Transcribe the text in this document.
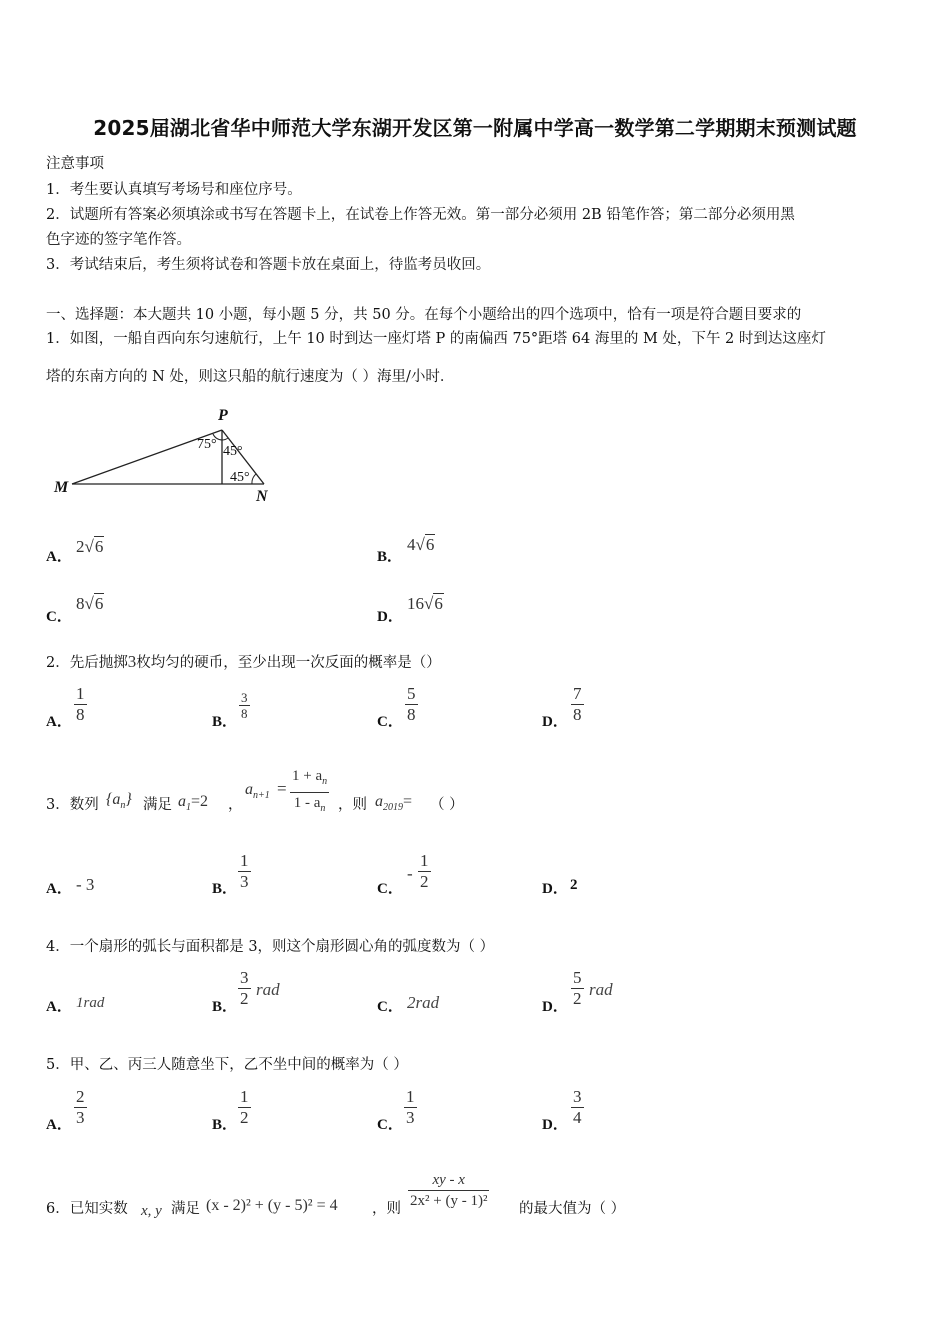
2025届湖北省华中师范大学东湖开发区第一附属中学高一数学第二学期期末预测试题
注意事项
1．考生要认真填写考场号和座位序号。
2．试题所有答案必须填涂或书写在答题卡上，在试卷上作答无效。第一部分必须用 2B 铅笔作答；第二部分必须用黑
色字迹的签字笔作答。
3．考试结束后，考生须将试卷和答题卡放在桌面上，待监考员收回。
一、选择题：本大题共 10 小题，每小题 5 分，共 50 分。在每个小题给出的四个选项中，恰有一项是符合题目要求的
1．如图，一船自西向东匀速航行，上午 10 时到达一座灯塔 P 的南偏西 75°距塔 64 海里的 M 处，下午 2 时到达这座灯
塔的东南方向的 N 处，则这只船的航行速度为（ ）海里/小时．
P
M
N
75° 45°
45°
A．
2√6
B．
4√6
C．
8√6
D．
16√6
2．先后抛掷3枚均匀的硬币，至少出现一次反面的概率是（）
A． $\frac{1}{8}$	B．
$\frac{3}{8}$
C． $\frac{5}{8}$	D． $\frac{7}{8}$
3．数列 $\{a_n\}$ 满足 $a_1=2$ ，
$a_{n+1} = \frac{1 + a_n}{1 - a_n}$ ，则 $a_{2019}=$ （ ）
A． - 3	B． $\frac{1}{3}$	C．
- $\frac{1}{2}$	D． 2
4．一个扇形的弧长与面积都是 3，则这个扇形圆心角的弧度数为（ ）
A． 1rad	B． $\frac{3}{2}$ rad
C． 2rad	D． $\frac{5}{2}$ rad
5．甲、乙、丙三人随意坐下，乙不坐中间的概率为（ ）
A． $\frac{2}{3}$	B． $\frac{1}{2}$	C． $\frac{1}{3}$	D． $\frac{3}{4}$
6．已知实数 x, y 满足 (x - 2)² + (y - 5)² = 4 ，则 $\frac{xy - x}{\text{2x² + (y - 1)²}}$ 的最大值为（ ）
